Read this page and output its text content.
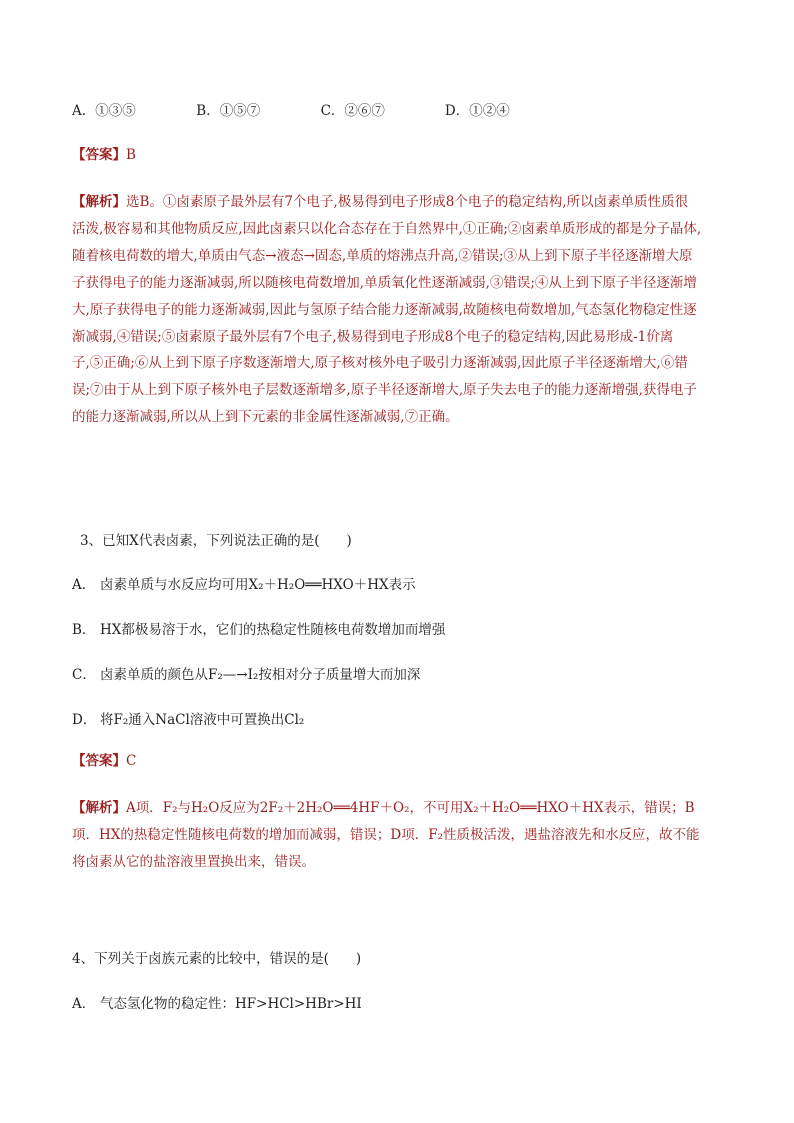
A．①③⑤	B．①⑤⑦	C．②⑥⑦	D．①②④
【答案】B

【解析】选B。①卤素原子最外层有7个电子,极易得到电子形成8个电子的稳定结构,所以卤素单质性质很

活泼,极容易和其他物质反应,因此卤素只以化合态存在于自然界中,①正确;②卤素单质形成的都是分子晶体,

随着核电荷数的增大,单质由气态→液态→固态,单质的熔沸点升高,②错误;③从上到下原子半径逐渐增大原

子获得电子的能力逐渐减弱,所以随核电荷数增加,单质氧化性逐渐减弱,③错误;④从上到下原子半径逐渐增

大,原子获得电子的能力逐渐减弱,因此与氢原子结合能力逐渐减弱,故随核电荷数增加,气态氢化物稳定性逐

渐减弱,④错误;⑤卤素原子最外层有7个电子,极易得到电子形成8个电子的稳定结构,因此易形成-1价离

子,⑤正确;⑥从上到下原子序数逐渐增大,原子核对核外电子吸引力逐渐减弱,因此原子半径逐渐增大,⑥错

误;⑦由于从上到下原子核外电子层数逐渐增多,原子半径逐渐增大,原子失去电子的能力逐渐增强,获得电子

的能力逐渐减弱,所以从上到下元素的非金属性逐渐减弱,⑦正确。

3、已知X代表卤素，下列说法正确的是(　　)
A． 卤素单质与水反应均可用X₂＋H₂O══HXO＋HX表示
B． HX都极易溶于水，它们的热稳定性随核电荷数增加而增强
C． 卤素单质的颜色从F₂—→I₂按相对分子质量增大而加深
D． 将F₂通入NaCl溶液中可置换出Cl₂
【答案】C

【解析】A项．F₂与H₂O反应为2F₂＋2H₂O══4HF＋O₂，不可用X₂＋H₂O══HXO＋HX表示，错误；B

项．HX的热稳定性随核电荷数的增加而减弱，错误；D项．F₂性质极活泼，遇盐溶液先和水反应，故不能

将卤素从它的盐溶液里置换出来，错误。

4、下列关于卤族元素的比较中，错误的是(　　)
A． 气态氢化物的稳定性：HF>HCl>HBr>HI
